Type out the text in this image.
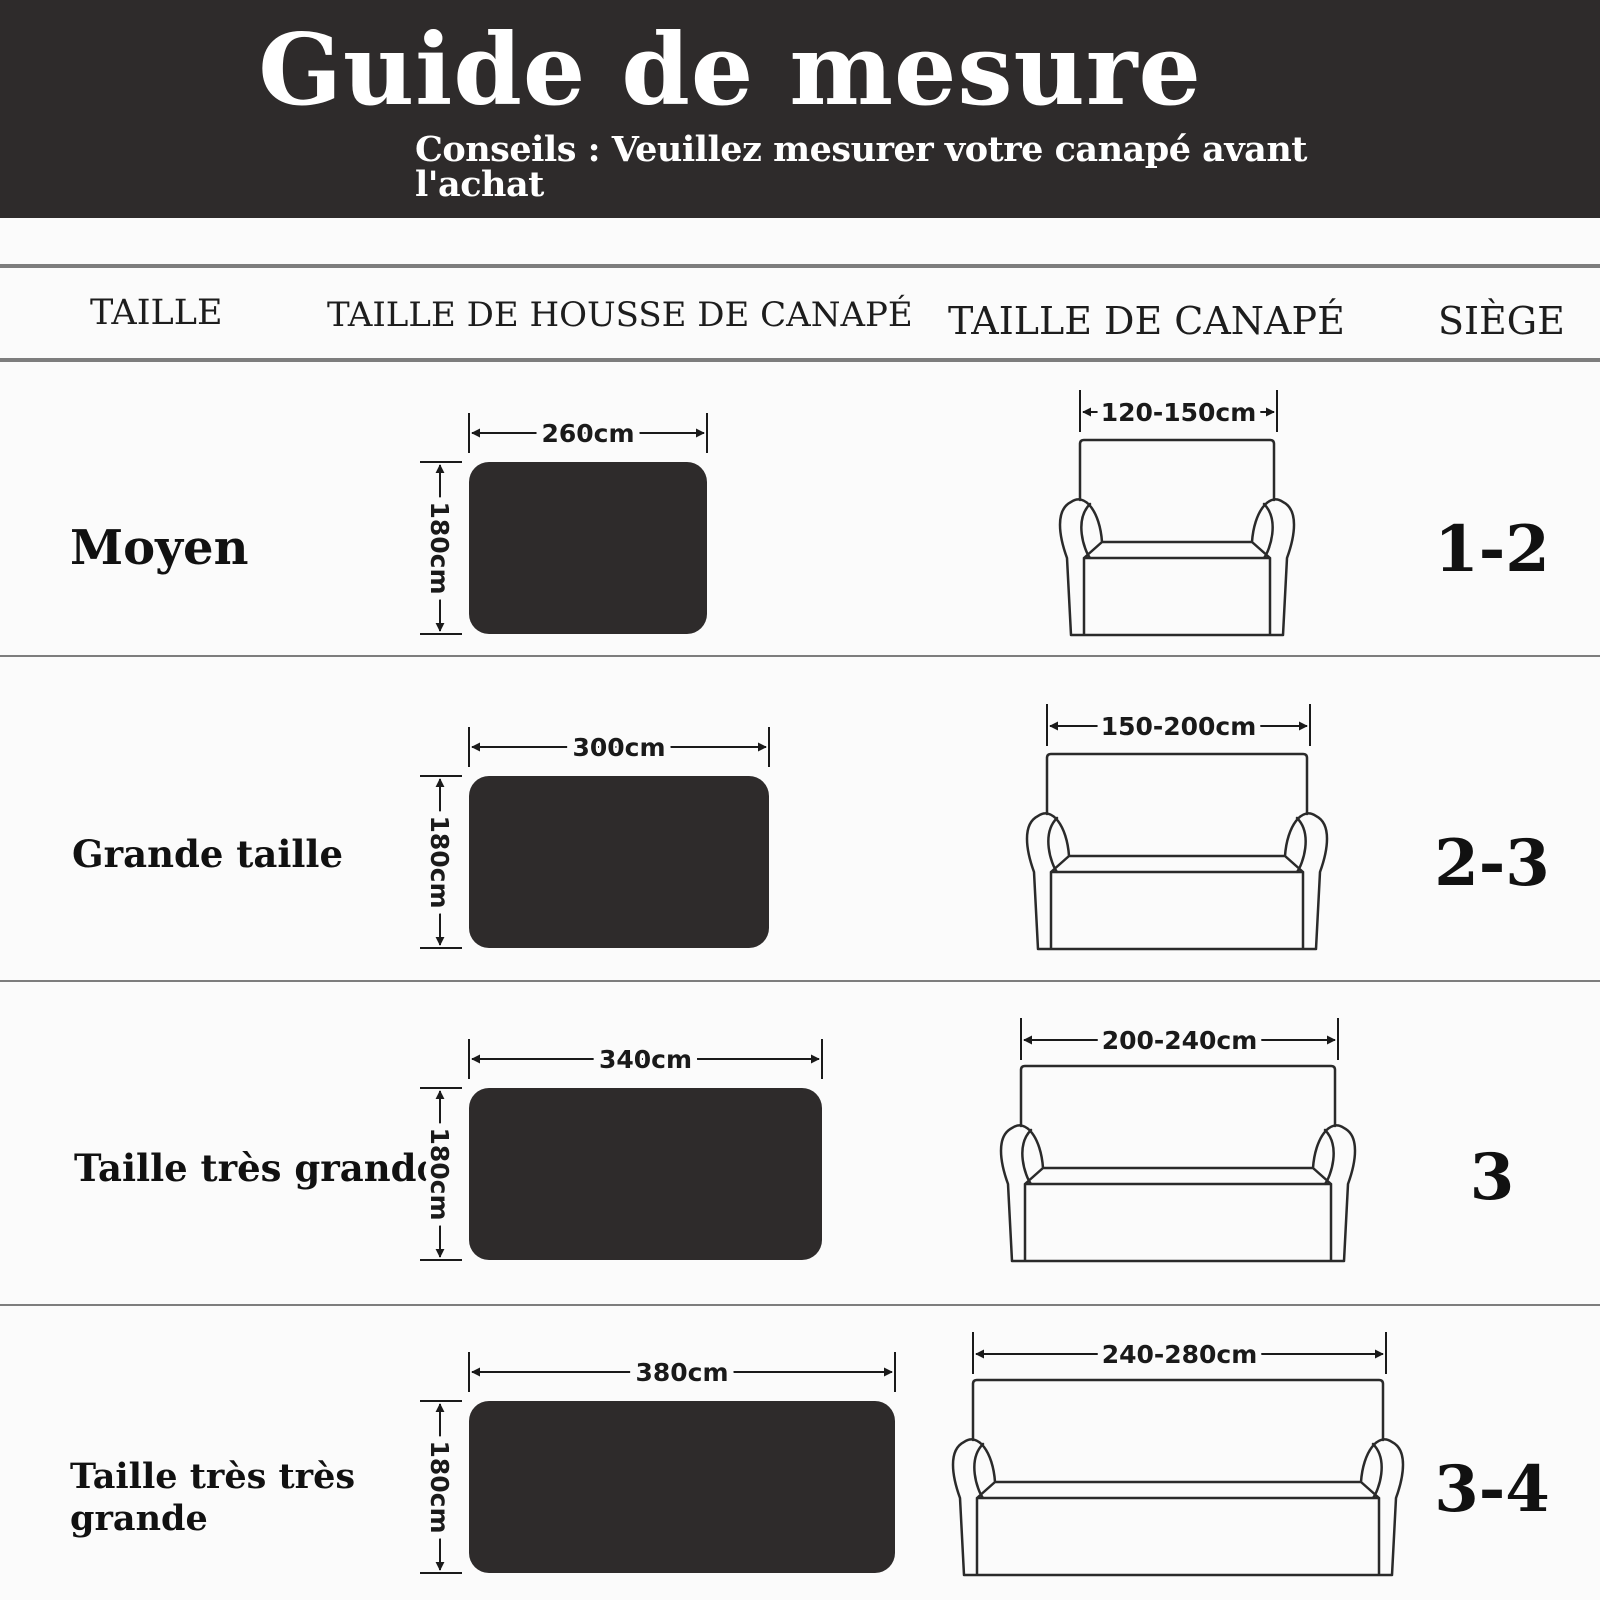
Guide de mesure
Conseils : Veuillez mesurer votre canapé avant l'achat
TAILLE	TAILLE DE HOUSSE DE CANAPÉ TAILLE DE CANAPÉ SIÈGE
Moyen
Grande taille
Taille très grande
Taille très très grande
1-2
2-3
3
3-4
260cm
180cm
300cm
180cm
340cm
180cm
380cm
180cm
120-150cm
150-200cm
200-240cm
240-280cm
